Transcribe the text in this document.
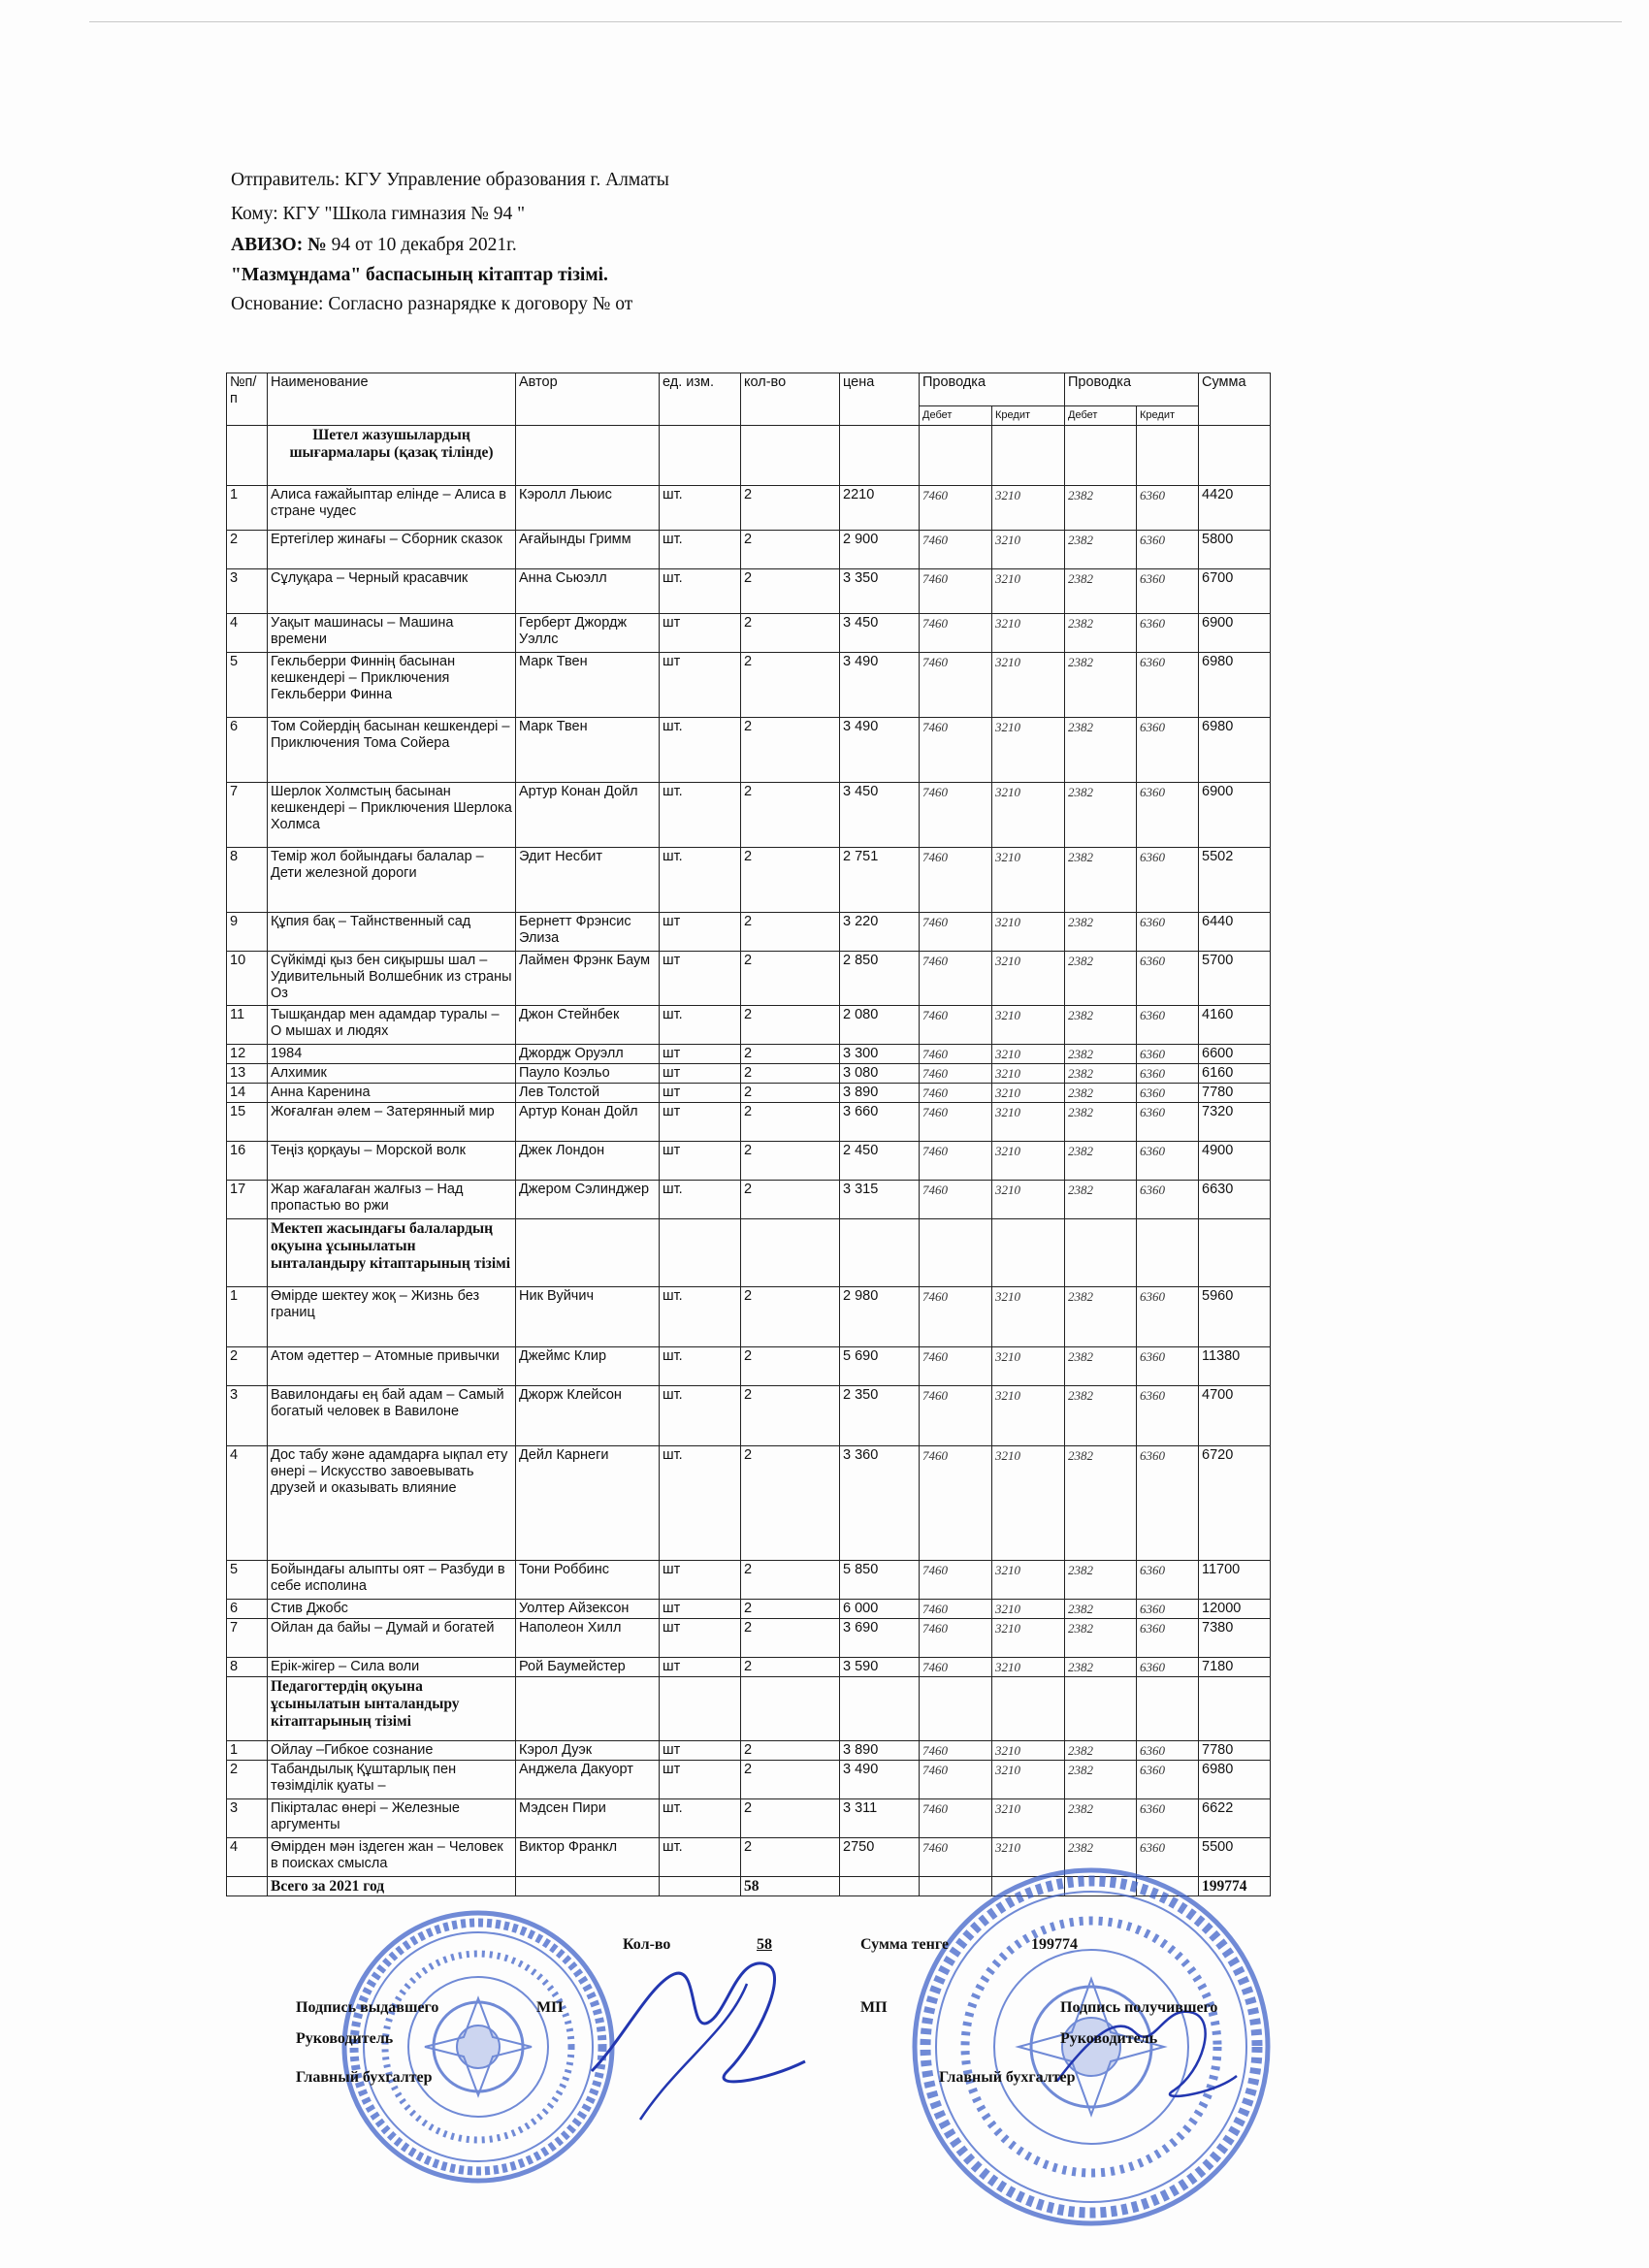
Отправитель: КГУ Управление образования г. Алматы
Кому: КГУ "Школа гимназия № 94 "
АВИЗО: № 94 от 10 декабря 2021г.
"Мазмұндама" баспасының кітаптар тізімі.
Основание: Согласно разнарядке к договору № от
№п/п	Наименование	Автор	ед. изм.	кол-во	цена	Проводка		Проводка		Сумма
						Дебет	Кредит	Дебет	Кредит	
	Шетел жазушылардың шығармалары (қазақ тілінде)									
1	Алиса ғажайыптар елінде – Алиса в стране чудес	Кэролл Льюис	шт.	2	2210	7460	3210	2382	6360	4420
2	Ертегілер жинағы – Сборник сказок	Ағайынды Гримм	шт.	2	2 900	7460	3210	2382	6360	5800
3	Сұлуқара – Черный красавчик	Анна Сьюэлл	шт.	2	3 350	7460	3210	2382	6360	6700
4	Уақыт машинасы – Машина времени	Герберт Джордж Уэллс	шт	2	3 450	7460	3210	2382	6360	6900
5	Гекльберри Финнің басынан кешкендері – Приключения Гекльберри Финна	Марк Твен	шт	2	3 490	7460	3210	2382	6360	6980
6	Том Сойердің басынан кешкендері – Приключения Тома Сойера	Марк Твен	шт.	2	3 490	7460	3210	2382	6360	6980
7	Шерлок Холмстың басынан кешкендері – Приключения Шерлока Холмса	Артур Конан Дойл	шт.	2	3 450	7460	3210	2382	6360	6900
8	Темір жол бойындағы балалар – Дети железной дороги	Эдит Несбит	шт.	2	2 751	7460	3210	2382	6360	5502
9	Құпия бақ – Тайнственный сад	Бернетт Фрэнсис Элиза	шт	2	3 220	7460	3210	2382	6360	6440
10	Сүйкімді қыз бен сиқыршы шал – Удивительный Волшебник из страны Оз	Лаймен Фрэнк Баум	шт	2	2 850	7460	3210	2382	6360	5700
11	Тышқандар мен адамдар туралы – О мышах и людях	Джон Стейнбек	шт.	2	2 080	7460	3210	2382	6360	4160
12	1984	Джордж Оруэлл	шт	2	3 300	7460	3210	2382	6360	6600
13	Алхимик	Пауло Коэльо	шт	2	3 080	7460	3210	2382	6360	6160
14	Анна Каренина	Лев Толстой	шт	2	3 890	7460	3210	2382	6360	7780
15	Жоғалған әлем – Затерянный мир	Артур Конан Дойл	шт	2	3 660	7460	3210	2382	6360	7320
16	Теңіз қорқауы – Морской волк	Джек Лондон	шт	2	2 450	7460	3210	2382	6360	4900
17	Жар жағалаған жалғыз – Над пропастью во ржи	Джером Сэлинджер	шт.	2	3 315	7460	3210	2382	6360	6630
	Мектеп жасындағы балалардың оқуына ұсынылатын ынталандыру кітаптарының тізімі									
1	Өмірде шектеу жоқ – Жизнь без границ	Ник Вуйчич	шт.	2	2 980	7460	3210	2382	6360	5960
2	Атом әдеттер – Атомные привычки	Джеймс Клир	шт.	2	5 690	7460	3210	2382	6360	11380
3	Вавилондағы ең бай адам – Самый богатый человек в Вавилоне	Джорж Клейсон	шт.	2	2 350	7460	3210	2382	6360	4700
4	Дос табу және адамдарға ықпал ету өнері – Искусство завоевывать друзей и оказывать влияние	Дейл Карнеги	шт.	2	3 360	7460	3210	2382	6360	6720
5	Бойындағы алыпты оят – Разбуди в себе исполина	Тони Роббинс	шт	2	5 850	7460	3210	2382	6360	11700
6	Стив Джобс	Уолтер Айзексон	шт	2	6 000	7460	3210	2382	6360	12000
7	Ойлан да байы – Думай и богатей	Наполеон Хилл	шт	2	3 690	7460	3210	2382	6360	7380
8	Ерік-жігер – Сила воли	Рой Баумейстер	шт	2	3 590	7460	3210	2382	6360	7180
	Педагогтердің оқуына ұсынылатын ынталандыру кітаптарының тізімі									
1	Ойлау –Гибкое сознание	Кэрол Дуэк	шт	2	3 890	7460	3210	2382	6360	7780
2	Табандылық Құштарлық пен төзімділік қуаты –	Анджела Дакуорт	шт	2	3 490	7460	3210	2382	6360	6980
3	Пікірталас өнері – Железные аргументы	Мэдсен Пири	шт.	2	3 311	7460	3210	2382	6360	6622
4	Өмірден мән іздеген жан – Человек в поисках смысла	Виктор Франкл	шт.	2	2750	7460	3210	2382	6360	5500
	Всего за 2021 год			58						199774
Кол-во	58	Сумма тенге	199774
Подпись выдавшего	МП	МП	Подпись получившего
Руководитель	Руководитель
Главный бухгалтер	Главный бухгалтер
